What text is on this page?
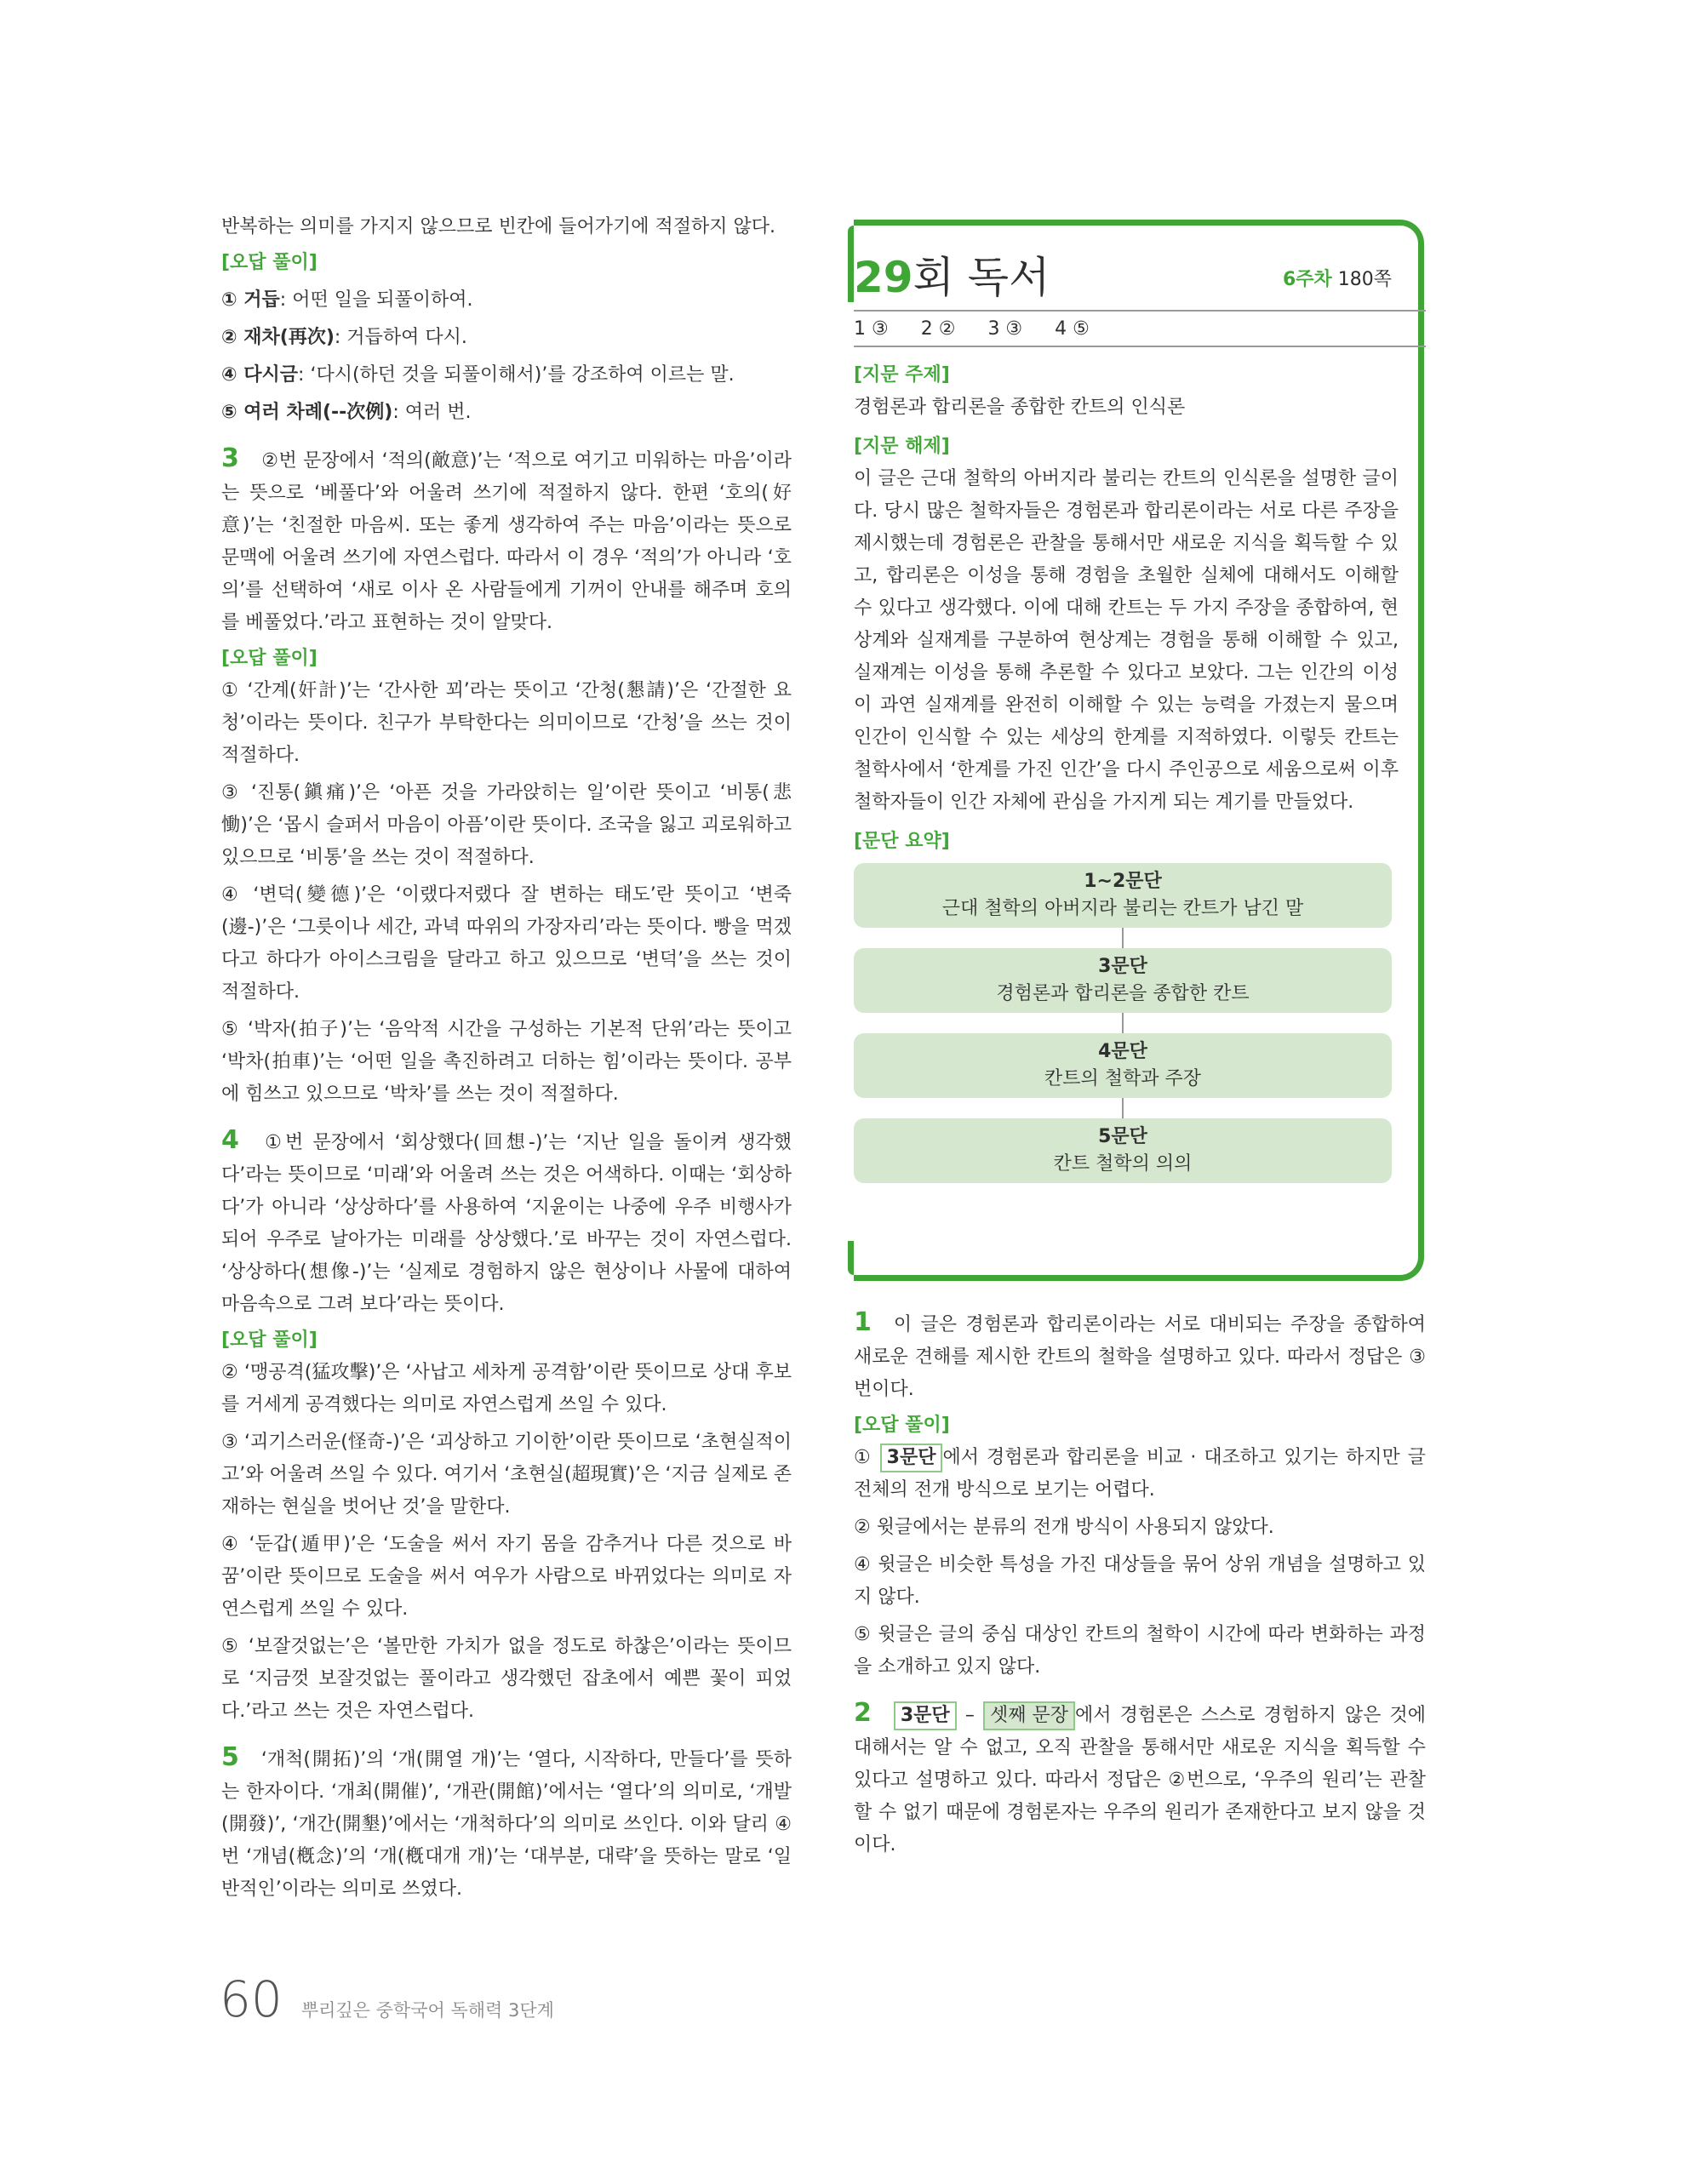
반복하는 의미를 가지지 않으므로 빈칸에 들어가기에 적절하지 않다.

[오답 풀이]

① 거듭: 어떤 일을 되풀이하여.

② 재차(再次): 거듭하여 다시.

④ 다시금: ‘다시(하던 것을 되풀이해서)’를 강조하여 이르는 말.

⑤ 여러 차례(--次例): 여러 번.

3 ②번 문장에서 ‘적의(敵意)’는 ‘적으로 여기고 미워하는 마음’이라는 뜻으로 ‘베풀다’와 어울려 쓰기에 적절하지 않다. 한편 ‘호의(好意)’는 ‘친절한 마음씨. 또는 좋게 생각하여 주는 마음’이라는 뜻으로 문맥에 어울려 쓰기에 자연스럽다. 따라서 이 경우 ‘적의’가 아니라 ‘호의’를 선택하여 ‘새로 이사 온 사람들에게 기꺼이 안내를 해주며 호의를 베풀었다.’라고 표현하는 것이 알맞다.

[오답 풀이]

① ‘간계(奸計)’는 ‘간사한 꾀’라는 뜻이고 ‘간청(懇請)’은 ‘간절한 요청’이라는 뜻이다. 친구가 부탁한다는 의미이므로 ‘간청’을 쓰는 것이 적절하다.

③ ‘진통(鎭痛)’은 ‘아픈 것을 가라앉히는 일’이란 뜻이고 ‘비통(悲慟)’은 ‘몹시 슬퍼서 마음이 아픔’이란 뜻이다. 조국을 잃고 괴로워하고 있으므로 ‘비통’을 쓰는 것이 적절하다.

④ ‘변덕(變德)’은 ‘이랬다저랬다 잘 변하는 태도’란 뜻이고 ‘변죽(邊-)’은 ‘그릇이나 세간, 과녁 따위의 가장자리’라는 뜻이다. 빵을 먹겠다고 하다가 아이스크림을 달라고 하고 있으므로 ‘변덕’을 쓰는 것이 적절하다.

⑤ ‘박자(拍子)’는 ‘음악적 시간을 구성하는 기본적 단위’라는 뜻이고 ‘박차(拍車)’는 ‘어떤 일을 촉진하려고 더하는 힘’이라는 뜻이다. 공부에 힘쓰고 있으므로 ‘박차’를 쓰는 것이 적절하다.

4 ①번 문장에서 ‘회상했다(回想-)’는 ‘지난 일을 돌이켜 생각했다’라는 뜻이므로 ‘미래’와 어울려 쓰는 것은 어색하다. 이때는 ‘회상하다’가 아니라 ‘상상하다’를 사용하여 ‘지윤이는 나중에 우주 비행사가 되어 우주로 날아가는 미래를 상상했다.’로 바꾸는 것이 자연스럽다. ‘상상하다(想像-)’는 ‘실제로 경험하지 않은 현상이나 사물에 대하여 마음속으로 그려 보다’라는 뜻이다.

[오답 풀이]

② ‘맹공격(猛攻擊)’은 ‘사납고 세차게 공격함’이란 뜻이므로 상대 후보를 거세게 공격했다는 의미로 자연스럽게 쓰일 수 있다.

③ ‘괴기스러운(怪奇-)’은 ‘괴상하고 기이한’이란 뜻이므로 ‘초현실적이고’와 어울려 쓰일 수 있다. 여기서 ‘초현실(超現實)’은 ‘지금 실제로 존재하는 현실을 벗어난 것’을 말한다.

④ ‘둔갑(遁甲)’은 ‘도술을 써서 자기 몸을 감추거나 다른 것으로 바꿈’이란 뜻이므로 도술을 써서 여우가 사람으로 바뀌었다는 의미로 자연스럽게 쓰일 수 있다.

⑤ ‘보잘것없는’은 ‘볼만한 가치가 없을 정도로 하찮은’이라는 뜻이므로 ‘지금껏 보잘것없는 풀이라고 생각했던 잡초에서 예쁜 꽃이 피었다.’라고 쓰는 것은 자연스럽다.

5 ‘개척(開拓)’의 ‘개(開열 개)’는 ‘열다, 시작하다, 만들다’를 뜻하는 한자이다. ‘개최(開催)’, ‘개관(開館)’에서는 ‘열다’의 의미로, ‘개발(開發)’, ‘개간(開墾)’에서는 ‘개척하다’의 의미로 쓰인다. 이와 달리 ④번 ‘개념(槪念)’의 ‘개(槪대개 개)’는 ‘대부분, 대략’을 뜻하는 말로 ‘일반적인’이라는 의미로 쓰였다.

29회 독서	6주차 180쪽
1 ③ 2 ② 3 ③ 4 ⑤
[지문 주제]

경험론과 합리론을 종합한 칸트의 인식론

[지문 해제]

이 글은 근대 철학의 아버지라 불리는 칸트의 인식론을 설명한 글이다. 당시 많은 철학자들은 경험론과 합리론이라는 서로 다른 주장을 제시했는데 경험론은 관찰을 통해서만 새로운 지식을 획득할 수 있고, 합리론은 이성을 통해 경험을 초월한 실체에 대해서도 이해할 수 있다고 생각했다. 이에 대해 칸트는 두 가지 주장을 종합하여, 현상계와 실재계를 구분하여 현상계는 경험을 통해 이해할 수 있고, 실재계는 이성을 통해 추론할 수 있다고 보았다. 그는 인간의 이성이 과연 실재계를 완전히 이해할 수 있는 능력을 가졌는지 물으며 인간이 인식할 수 있는 세상의 한계를 지적하였다. 이렇듯 칸트는 철학사에서 ‘한계를 가진 인간’을 다시 주인공으로 세움으로써 이후 철학자들이 인간 자체에 관심을 가지게 되는 계기를 만들었다.

[문단 요약]
1~2문단
근대 철학의 아버지라 불리는 칸트가 남긴 말
3문단
경험론과 합리론을 종합한 칸트
4문단
칸트의 철학과 주장
5문단
칸트 철학의 의의

1 이 글은 경험론과 합리론이라는 서로 대비되는 주장을 종합하여 새로운 견해를 제시한 칸트의 철학을 설명하고 있다. 따라서 정답은 ③번이다.

[오답 풀이]

① 3문단 에서 경험론과 합리론을 비교 · 대조하고 있기는 하지만 글 전체의 전개 방식으로 보기는 어렵다.

② 윗글에서는 분류의 전개 방식이 사용되지 않았다.

④ 윗글은 비슷한 특성을 가진 대상들을 묶어 상위 개념을 설명하고 있지 않다.

⑤ 윗글은 글의 중심 대상인 칸트의 철학이 시간에 따라 변화하는 과정을 소개하고 있지 않다.

2 3문단 – 셋째 문장 에서 경험론은 스스로 경험하지 않은 것에 대해서는 알 수 없고, 오직 관찰을 통해서만 새로운 지식을 획득할 수 있다고 설명하고 있다. 따라서 정답은 ②번으로, ‘우주의 원리’는 관찰할 수 없기 때문에 경험론자는 우주의 원리가 존재한다고 보지 않을 것이다.

60 뿌리깊은 중학국어 독해력 3단계
